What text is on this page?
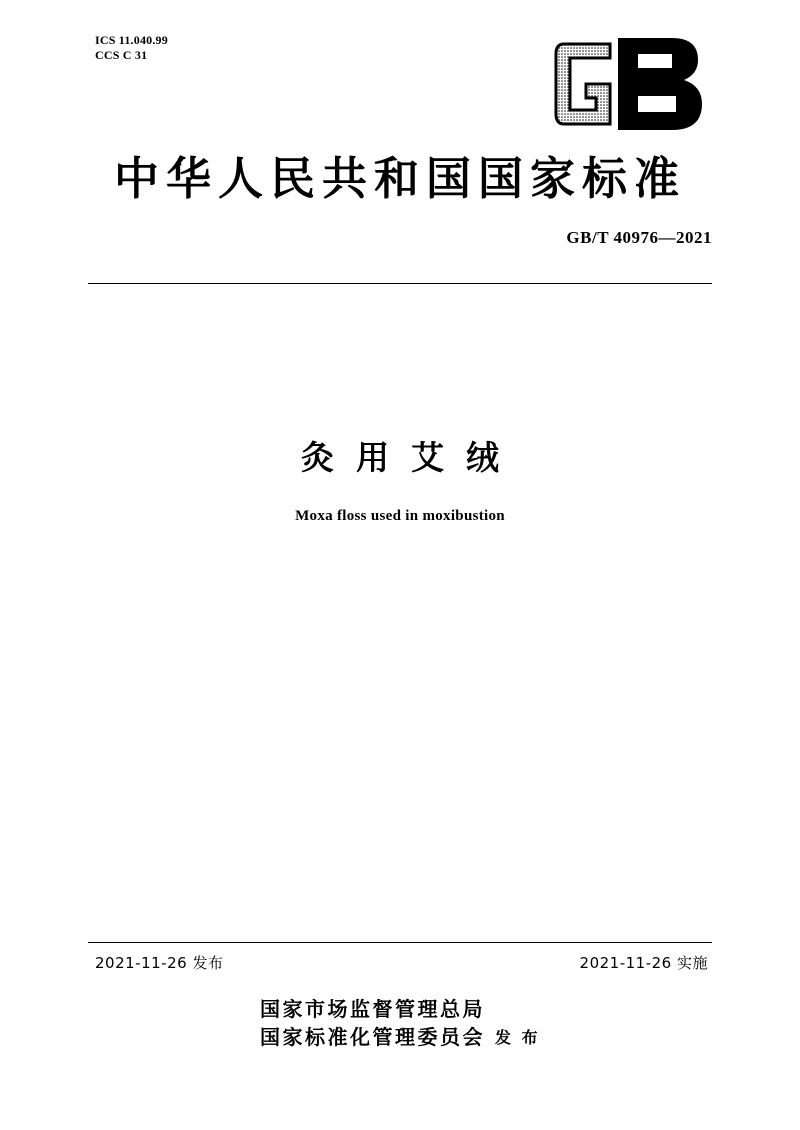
ICS 11.040.99
CCS C 31
中华人民共和国国家标准
GB/T 40976—2021
灸用艾绒
Moxa floss used in moxibustion
2021-11-26 发布	2021-11-26 实施
国家市场监督管理总局
国家标准化管理委员会 发 布
